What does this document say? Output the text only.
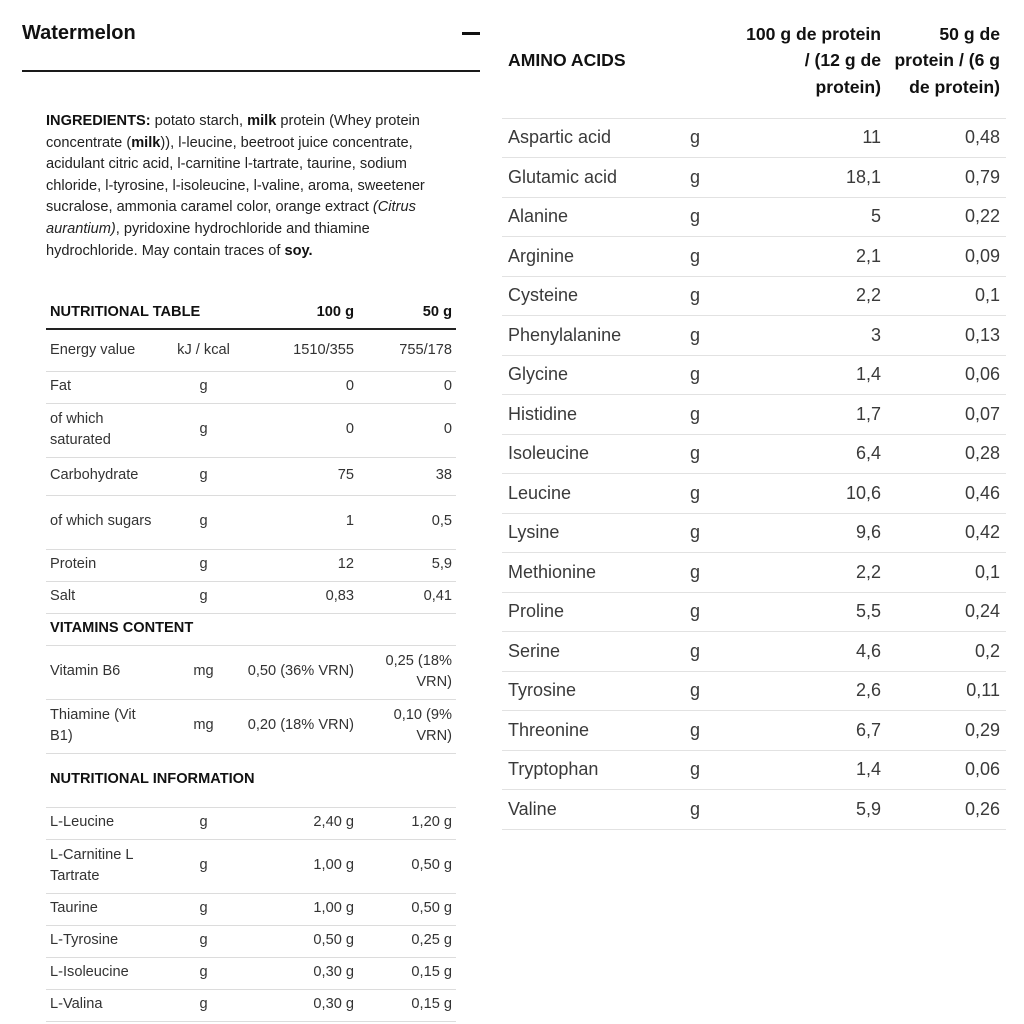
Watermelon

INGREDIENTS: potato starch, milk protein (Whey protein concentrate (milk)), l-leucine, beetroot juice concentrate, acidulant citric acid, l-carnitine l-tartrate, taurine, sodium chloride, l-tyrosine, l-isoleucine, l-valine, aroma, sweetener sucralose, ammonia caramel color, orange extract (Citrus aurantium), pyridoxine hydrochloride and thiamine hydrochloride. May contain traces of soy.

NUTRITIONAL TABLE		100 g	50 g
Energy value	kJ / kcal	1510/355	755/178
Fat	g	0	0
of which saturated	g	0	0
Carbohydrate	g	75	38
of which sugars	g	1	0,5
Protein	g	12	5,9
Salt	g	0,83	0,41
VITAMINS CONTENT			
Vitamin B6	mg	0,50 (36% VRN)	0,25 (18% VRN)
Thiamine (Vit B1)	mg	0,20 (18% VRN)	0,10 (9% VRN)
NUTRITIONAL INFORMATION			
L-Leucine	g	2,40 g	1,20 g
L-Carnitine L Tartrate	g	1,00 g	0,50 g
Taurine	g	1,00 g	0,50 g
L-Tyrosine	g	0,50 g	0,25 g
L-Isoleucine	g	0,30 g	0,15 g
L-Valina	g	0,30 g	0,15 g
AMINO ACIDS		100 g de protein / (12 g de protein)	50 g de protein / (6 g de protein)
Aspartic acid	g	11	0,48
Glutamic acid	g	18,1	0,79
Alanine	g	5	0,22
Arginine	g	2,1	0,09
Cysteine	g	2,2	0,1
Phenylalanine	g	3	0,13
Glycine	g	1,4	0,06
Histidine	g	1,7	0,07
Isoleucine	g	6,4	0,28
Leucine	g	10,6	0,46
Lysine	g	9,6	0,42
Methionine	g	2,2	0,1
Proline	g	5,5	0,24
Serine	g	4,6	0,2
Tyrosine	g	2,6	0,11
Threonine	g	6,7	0,29
Tryptophan	g	1,4	0,06
Valine	g	5,9	0,26
